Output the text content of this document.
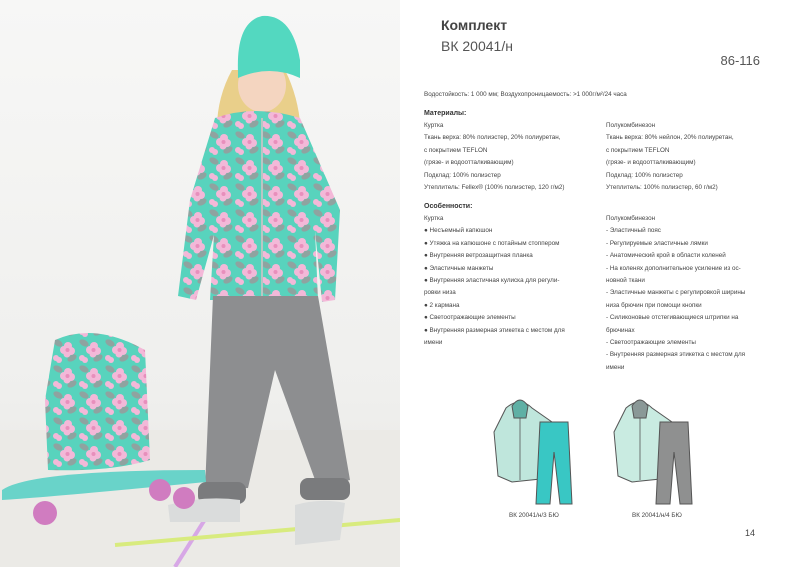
Комплект
ВК 20041/н
86-116
Водостойкость: 1 000 мм; Воздухопроницаемость: >1 000г/м²/24 часа
Материалы:
Куртка
Ткань верха: 80% полиэстер, 20% полиуретан,
с покрытием TEFLON
(грязе- и водоотталкивающим)
Подклад: 100% полиэстер
Утеплитель: Fellex® (100% полиэстер, 120 г/м2)
Полукомбинезон
Ткань верха: 80% нейлон, 20% полиуретан,
с покрытием TEFLON
(грязе- и водоотталкивающим)
Подклад: 100% полиэстер
Утеплитель: 100% полиэстер, 60 г/м2)
Особенности:
Куртка
● Несъемный капюшон
● Утяжка на капюшоне с потайным стоппером
● Внутренняя ветрозащитная планка
● Эластичные манжеты
● Внутренняя эластичная кулиска для регули-
ровки низа
● 2 кармана
● Светоотражающие элементы
● Внутренняя размерная этикетка с местом для
имени
Полукомбинезон
- Эластичный пояс
- Регулируемые эластичные лямки
- Анатомический крой в области коленей
- На коленях дополнительное усиление из ос-
новной ткани
- Эластичные манжеты с регулировкой ширины
низа брючин при помощи кнопки
- Силиконовые отстегивающиеся штрипки на
брючинах
- Светоотражающие элементы
- Внутренняя размерная этикетка с местом для
имени
ВК 20041/н/3 БЮ	ВК 20041/н/4 БЮ
14
